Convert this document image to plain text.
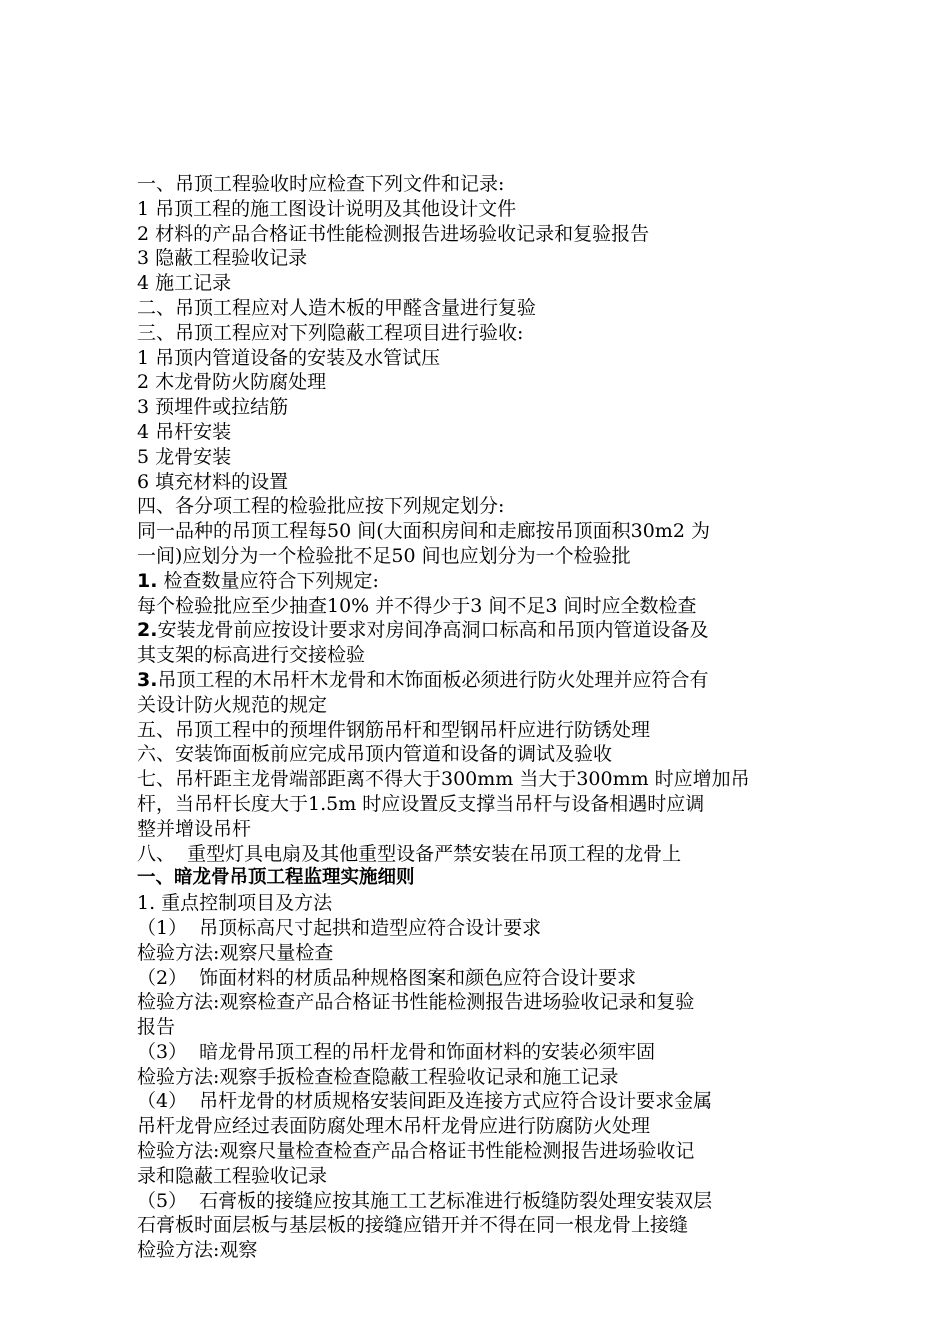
一、吊顶工程验收时应检查下列文件和记录:
1 吊顶工程的施工图设计说明及其他设计文件
2 材料的产品合格证书性能检测报告进场验收记录和复验报告
3 隐蔽工程验收记录
4 施工记录
二、吊顶工程应对人造木板的甲醛含量进行复验
三、吊顶工程应对下列隐蔽工程项目进行验收:
1 吊顶内管道设备的安装及水管试压
2 木龙骨防火防腐处理
3 预埋件或拉结筋
4 吊杆安装
5 龙骨安装
6 填充材料的设置
四、各分项工程的检验批应按下列规定划分:
同一品种的吊顶工程每50 间(大面积房间和走廊按吊顶面积30m2 为
一间)应划分为一个检验批不足50 间也应划分为一个检验批
1. 检查数量应符合下列规定:
每个检验批应至少抽查10% 并不得少于3 间不足3 间时应全数检查
2.安装龙骨前应按设计要求对房间净高洞口标高和吊顶内管道设备及
其支架的标高进行交接检验
3.吊顶工程的木吊杆木龙骨和木饰面板必须进行防火处理并应符合有
关设计防火规范的规定
五、吊顶工程中的预埋件钢筋吊杆和型钢吊杆应进行防锈处理
六、安装饰面板前应完成吊顶内管道和设备的调试及验收
七、吊杆距主龙骨端部距离不得大于300mm 当大于300mm 时应增加吊
杆，当吊杆长度大于1.5m 时应设置反支撑当吊杆与设备相遇时应调
整并增设吊杆
八、  重型灯具电扇及其他重型设备严禁安装在吊顶工程的龙骨上
一、暗龙骨吊顶工程监理实施细则
1. 重点控制项目及方法
（1）  吊顶标高尺寸起拱和造型应符合设计要求
检验方法:观察尺量检查
（2）  饰面材料的材质品种规格图案和颜色应符合设计要求
检验方法:观察检查产品合格证书性能检测报告进场验收记录和复验
报告
（3）  暗龙骨吊顶工程的吊杆龙骨和饰面材料的安装必须牢固
检验方法:观察手扳检查检查隐蔽工程验收记录和施工记录
（4）  吊杆龙骨的材质规格安装间距及连接方式应符合设计要求金属
吊杆龙骨应经过表面防腐处理木吊杆龙骨应进行防腐防火处理
检验方法:观察尺量检查检查产品合格证书性能检测报告进场验收记
录和隐蔽工程验收记录
（5）  石膏板的接缝应按其施工工艺标准进行板缝防裂处理安装双层
石膏板时面层板与基层板的接缝应错开并不得在同一根龙骨上接缝
检验方法:观察
